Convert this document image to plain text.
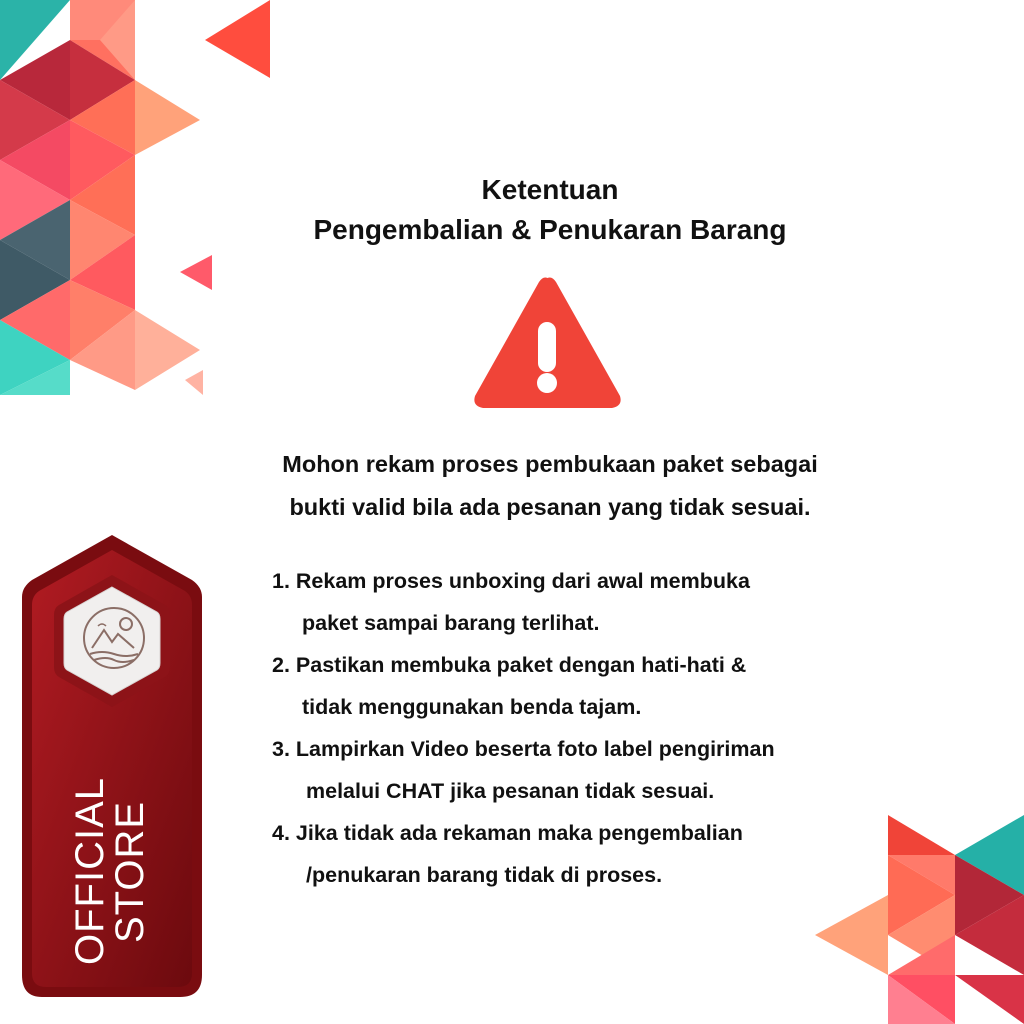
Ketentuan
Pengembalian & Penukaran Barang
Mohon rekam proses pembukaan paket sebagai
bukti valid bila ada pesanan yang tidak sesuai.

1. Rekam proses unboxing dari awal membuka
paket sampai barang terlihat.

2. Pastikan membuka paket dengan hati-hati &
tidak menggunakan benda tajam.

3. Lampirkan Video beserta foto label pengiriman
melalui CHAT jika pesanan tidak sesuai.

4. Jika tidak ada rekaman maka pengembalian
/penukaran barang tidak di proses.

OFFICIAL
STORE
